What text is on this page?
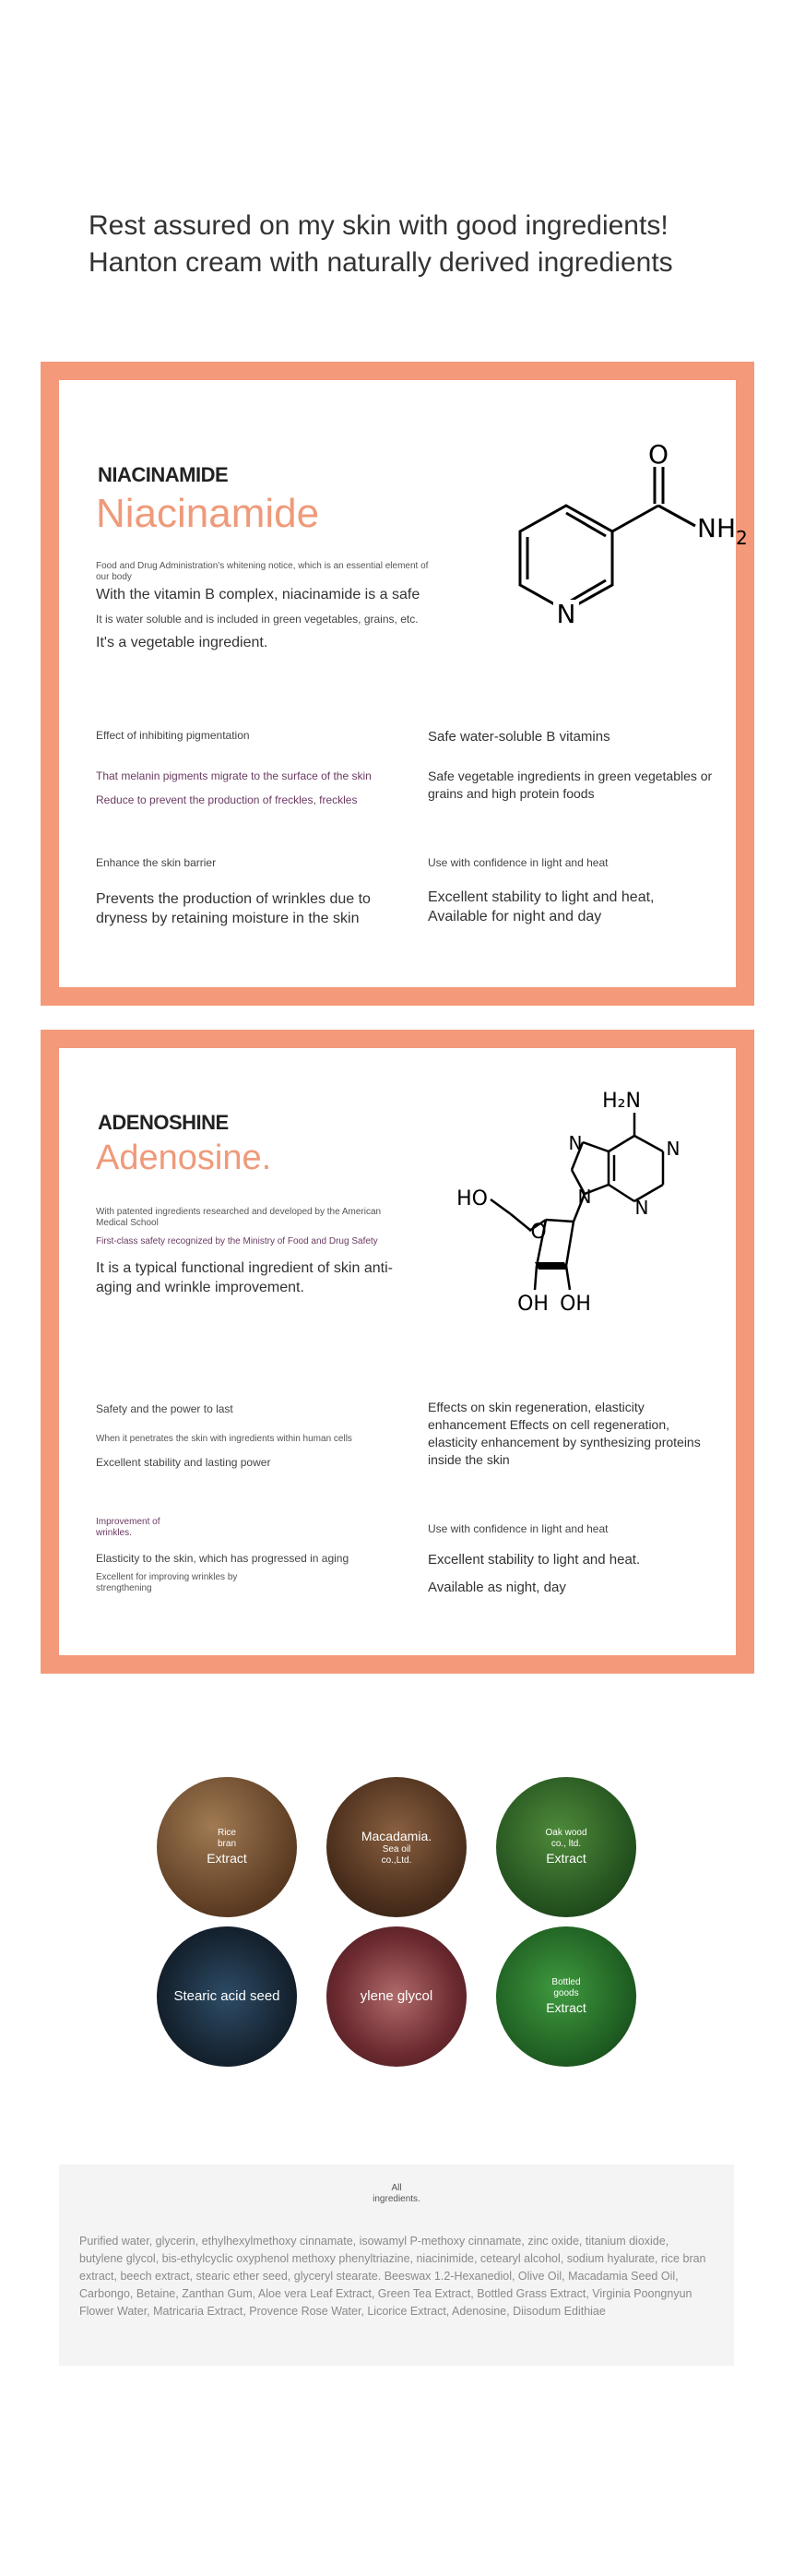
Rest assured on my skin with good ingredients!
Hanton cream with naturally derived ingredients
NIACINAMIDE
Niacinamide
Food and Drug Administration's whitening notice, which is an essential element of our body
With the vitamin B complex, niacinamide is a safe
It is water soluble and is included in green vegetables, grains, etc.
It's a vegetable ingredient.
N
O
$NH_2$
Effect of inhibiting pigmentation
That melanin pigments migrate to the surface of the skin
Reduce to prevent the production of freckles, freckles
Safe water-soluble B vitamins
Safe vegetable ingredients in green vegetables or grains and high protein foods
Enhance the skin barrier
Prevents the production of wrinkles due to dryness by retaining moisture in the skin
Use with confidence in light and heat
Excellent stability to light and heat, Available for night and day
ADENOSHINE
Adenosine.
With patented ingredients researched and developed by the American Medical School
First-class safety recognized by the Ministry of Food and Drug Safety
It is a typical functional ingredient of skin anti-aging and wrinkle improvement.
H₂N
HO
O
OH OH
N
N	N
N
Safety and the power to last
When it penetrates the skin with ingredients within human cells
Excellent stability and lasting power
Effects on skin regeneration, elasticity enhancement Effects on cell regeneration, elasticity enhancement by synthesizing proteins inside the skin
Improvement of wrinkles.
Elasticity to the skin, which has progressed in aging
Excellent for improving wrinkles by strengthening
Use with confidence in light and heat
Excellent stability to light and heat.
Available as night, day
Rice
bran
Extract
Macadamia.
Sea oil
co.,Ltd.
Oak wood
co., ltd.
Extract
Stearic acid seed	ylene glycol
Bottled
goods
Extract
All
ingredients.
Purified water, glycerin, ethylhexylmethoxy cinnamate, isowamyl P-methoxy cinnamate, zinc oxide, titanium dioxide, butylene glycol, bis-ethylcyclic oxyphenol methoxy phenyltriazine, niacinimide, cetearyl alcohol, sodium hyalurate, rice bran extract, beech extract, stearic ether seed, glyceryl stearate. Beeswax 1.2-Hexanediol, Olive Oil, Macadamia Seed Oil, Carbongo, Betaine, Zanthan Gum, Aloe vera Leaf Extract, Green Tea Extract, Bottled Grass Extract, Virginia Poongnyun Flower Water, Matricaria Extract, Provence Rose Water, Licorice Extract, Adenosine, Diisodum Edithiae
